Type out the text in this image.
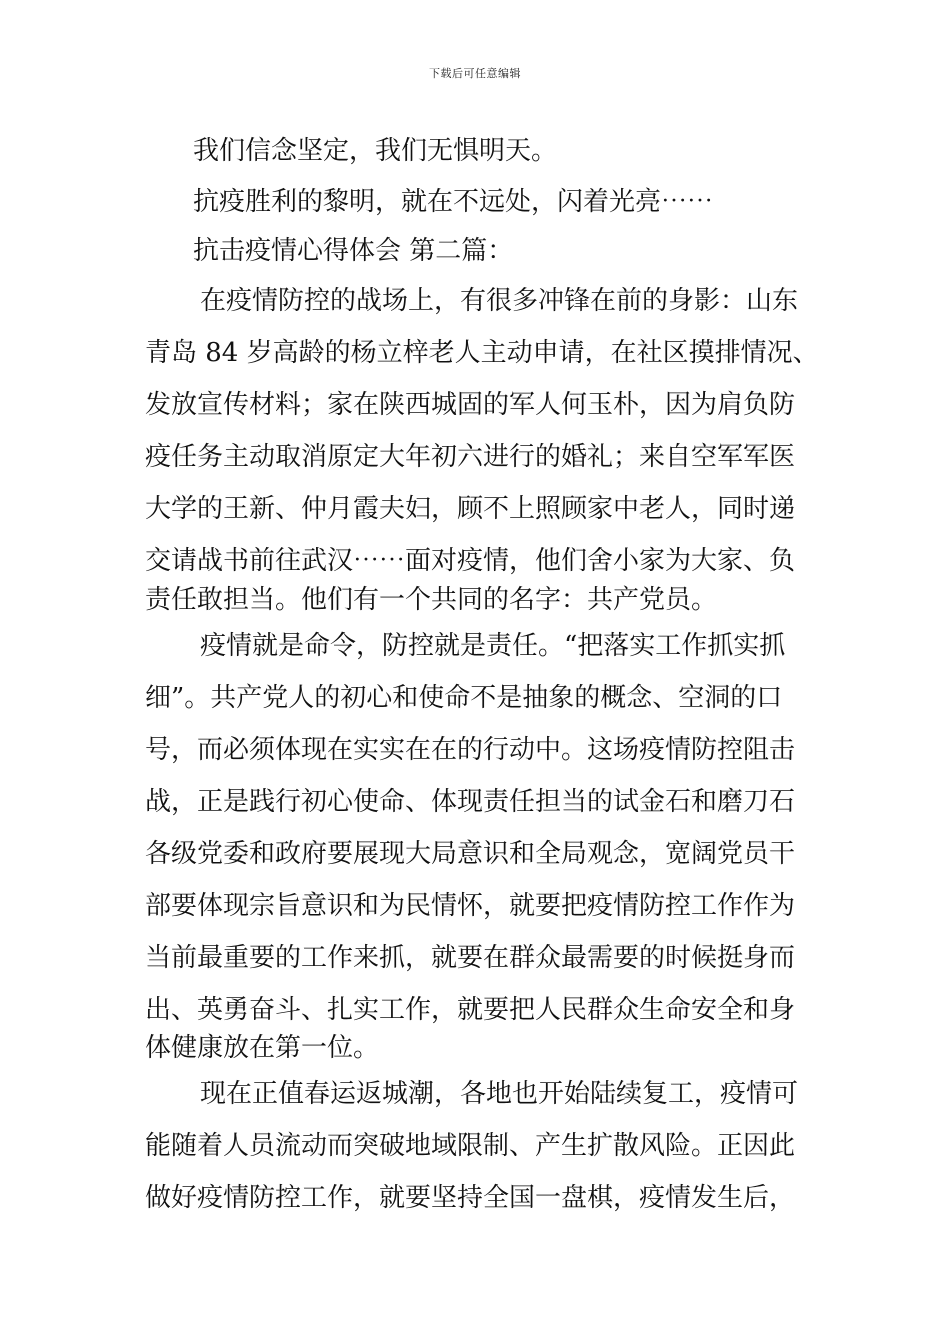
下载后可任意编辑
我们信念坚定，我们无惧明天。
抗疫胜利的黎明，就在不远处，闪着光亮⋯⋯
抗击疫情心得体会 第二篇：
在疫情防控的战场上，有很多冲锋在前的身影：山东
青岛 84 岁高龄的杨立梓老人主动申请，在社区摸排情况、
发放宣传材料；家在陕西城固的军人何玉朴，因为肩负防
疫任务主动取消原定大年初六进行的婚礼；来自空军军医
大学的王新、仲月霞夫妇，顾不上照顾家中老人，同时递
交请战书前往武汉⋯⋯面对疫情，他们舍小家为大家、负
责任敢担当。他们有一个共同的名字：共产党员。
疫情就是命令，防控就是责任。“把落实工作抓实抓
细”。共产党人的初心和使命不是抽象的概念、空洞的口
号，而必须体现在实实在在的行动中。这场疫情防控阻击
战，正是践行初心使命、体现责任担当的试金石和磨刀石
各级党委和政府要展现大局意识和全局观念，宽阔党员干
部要体现宗旨意识和为民情怀，就要把疫情防控工作作为
当前最重要的工作来抓，就要在群众最需要的时候挺身而
出、英勇奋斗、扎实工作，就要把人民群众生命安全和身
体健康放在第一位。
现在正值春运返城潮，各地也开始陆续复工，疫情可
能随着人员流动而突破地域限制、产生扩散风险。正因此
做好疫情防控工作，就要坚持全国一盘棋，疫情发生后，
